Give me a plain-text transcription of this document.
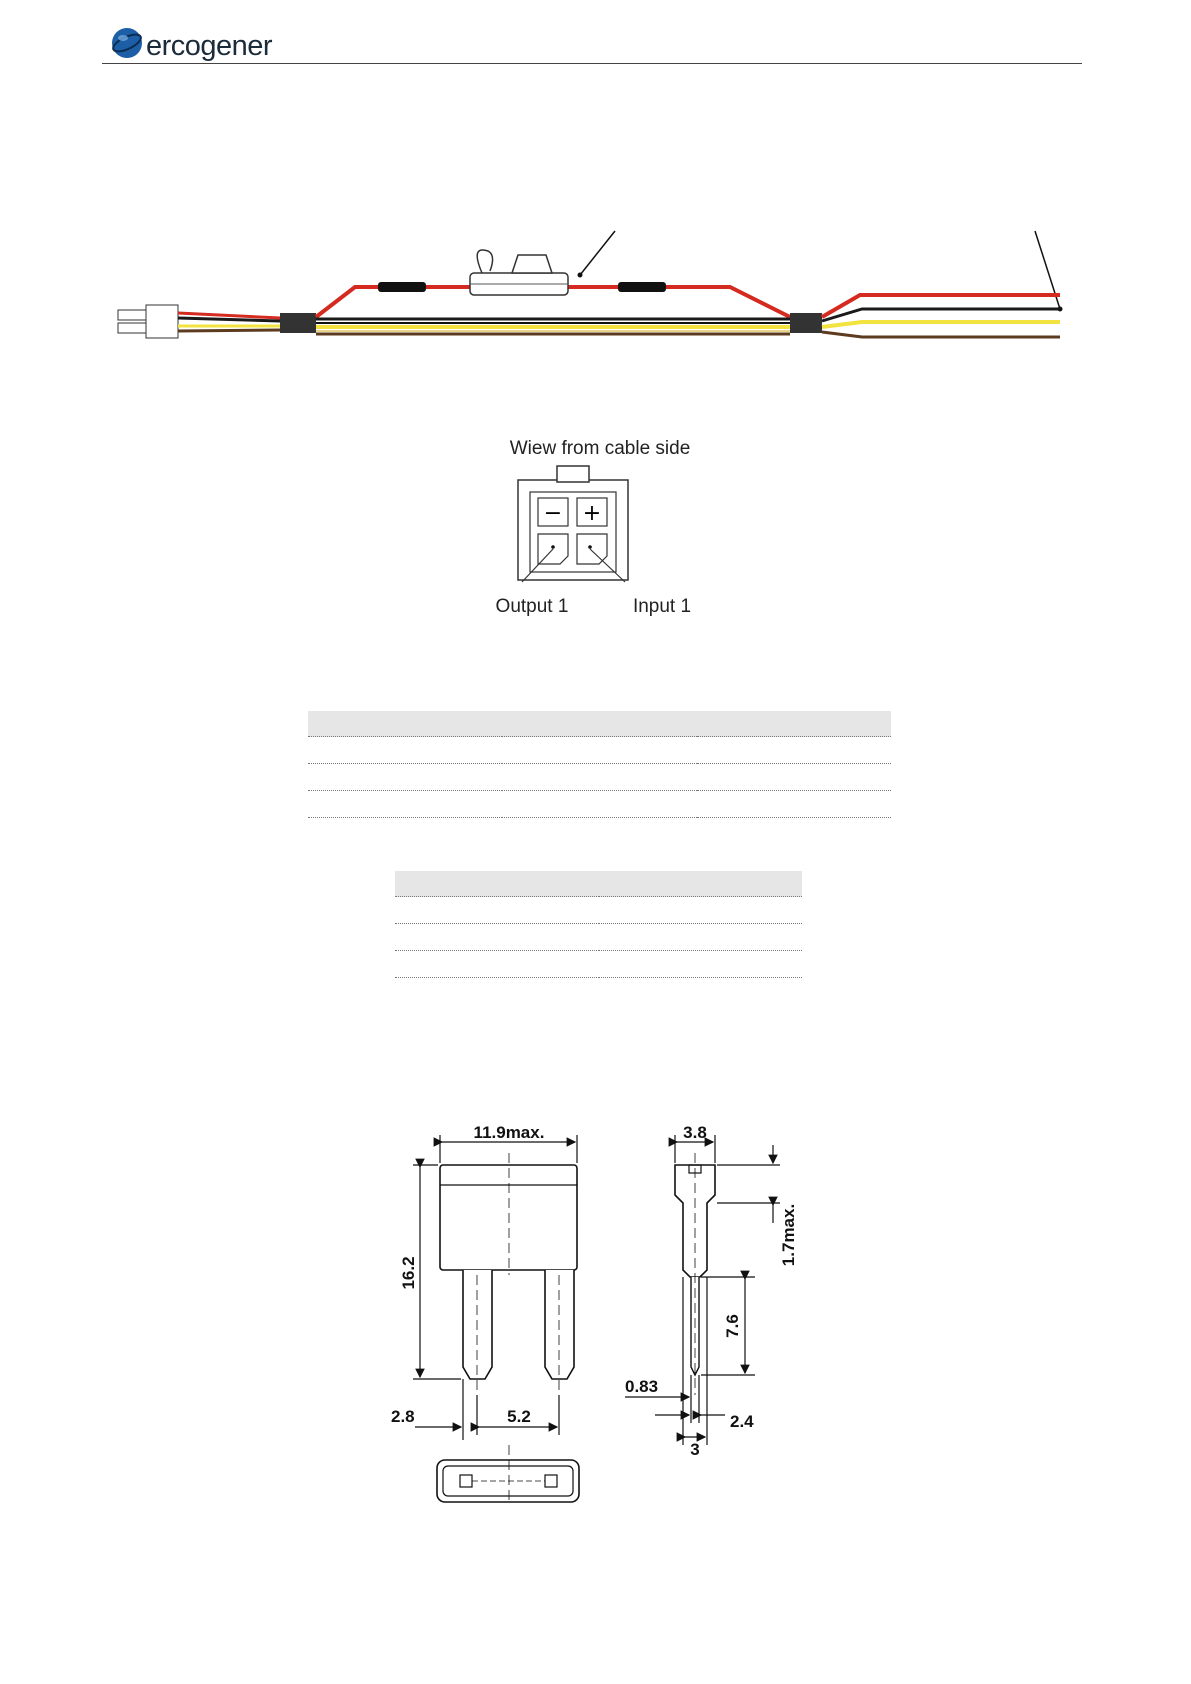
ercogener
Wiew from cable side
− +
Output 1	Input 1

11.9max.
16.2
5.2
2.8
3.8
1.7max.
7.6
0.83
2.4
3
